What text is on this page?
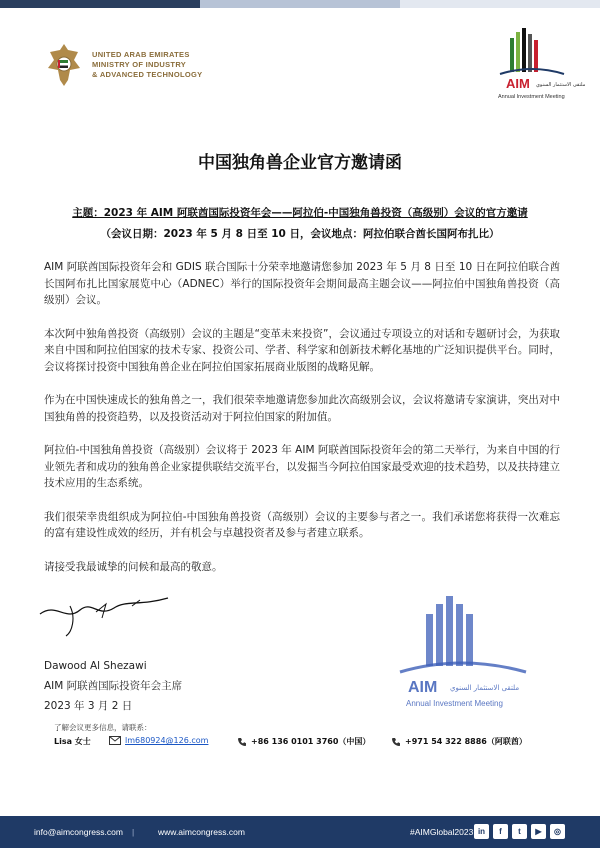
UNITED ARAB EMIRATES
MINISTRY OF INDUSTRY
& ADVANCED TECHNOLOGY
AIM ملتقى الاستثمار السنوي
Annual Investment Meeting
中国独角兽企业官方邀请函
主题：2023 年 AIM 阿联酋国际投资年会——阿拉伯-中国独角兽投资（高级别）会议的官方邀请
（会议日期：2023 年 5 月 8 日至 10 日，会议地点：阿拉伯联合酋长国阿布扎比）

AIM 阿联酋国际投资年会和 GDIS 联合国际十分荣幸地邀请您参加 2023 年 5 月 8 日至 10 日在阿拉伯联合酋长国阿布扎比国家展览中心（ADNEC）举行的国际投资年会期间最高主题会议——阿拉伯中国独角兽投资（高级别）会议。

本次阿中独角兽投资（高级别）会议的主题是“变革未来投资”，会议通过专项设立的对话和专题研讨会，为获取来自中国和阿拉伯国家的技术专家、投资公司、学者、科学家和创新技术孵化基地的广泛知识提供平台。同时，会议将探讨投资中国独角兽企业在阿拉伯国家拓展商业版图的战略见解。

作为在中国快速成长的独角兽之一，我们很荣幸地邀请您参加此次高级别会议，会议将邀请专家演讲，突出对中国独角兽的投资趋势，以及投资活动对于阿拉伯国家的附加值。

阿拉伯-中国独角兽投资（高级别）会议将于 2023 年 AIM 阿联酋国际投资年会的第二天举行，为来自中国的行业领先者和成功的独角兽企业家提供联结交流平台，以发掘当今阿拉伯国家最受欢迎的技术趋势，以及扶持建立技术应用的生态系统。

我们很荣幸贵组织成为阿拉伯-中国独角兽投资（高级别）会议的主要参与者之一。我们承诺您将获得一次难忘的富有建设性成效的经历，并有机会与卓越投资者及参与者建立联系。

请接受我最诚挚的问候和最高的敬意。

AIM ملتقى الاستثمار السنوي
Annual Investment Meeting
Dawood Al Shezawi
AIM 阿联酋国际投资年会主席
2023 年 3 月 2 日
了解会议更多信息，请联系：
Lisa 女士	lm680924@126.com	+86 136 0101 3760（中国）	+971 54 322 8886（阿联酋）
info@aimcongress.com |	www.aimcongress.com	#AIMGlobal2023 in	f	t	▶	◎
